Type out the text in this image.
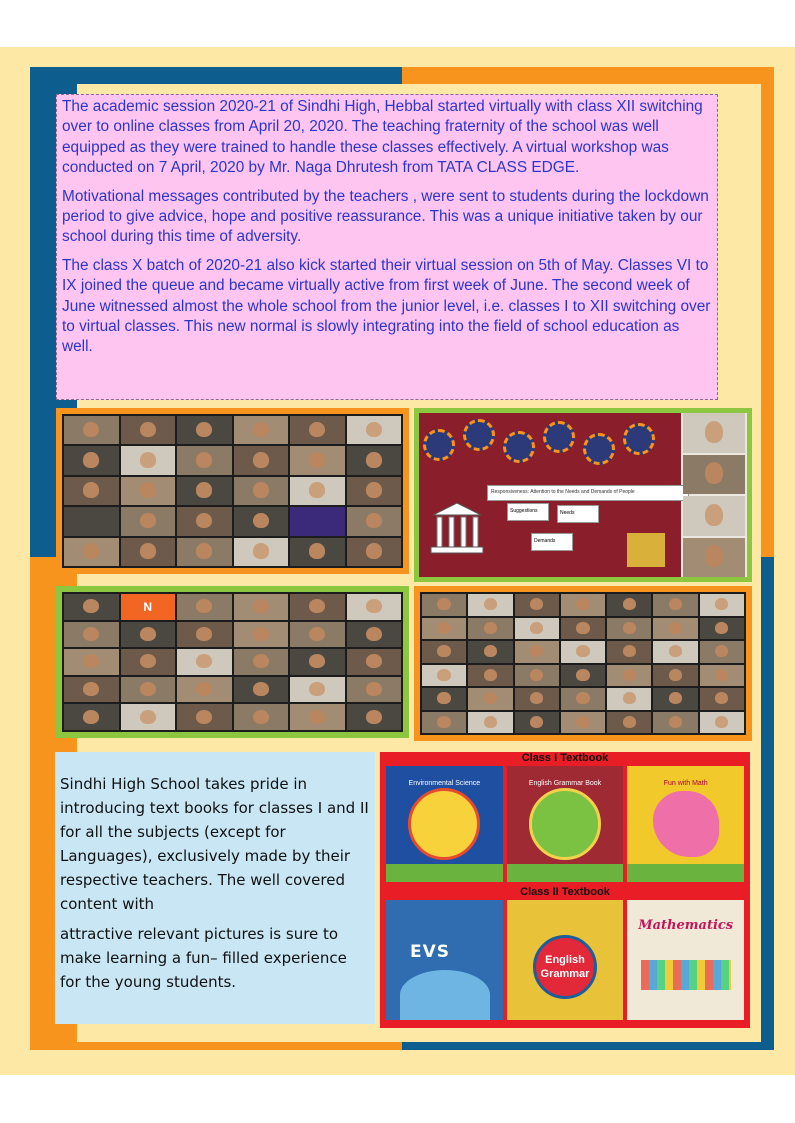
The academic session 2020-21 of Sindhi High, Hebbal started virtually with class XII switching over to online classes from April 20, 2020. The teaching fraternity of the school was well equipped as they were trained to handle these classes effectively. A virtual workshop was conducted on 7 April, 2020 by Mr. Naga Dhrutesh from TATA CLASS EDGE.

Motivational messages contributed by the teachers , were sent to students during the lockdown period to give advice, hope and positive reassurance. This was a unique initiative taken by our school during this time of adversity.

The class X batch of 2020-21 also kick started their virtual session on 5th of May. Classes VI to IX joined the queue and became virtually active from first week of June. The second week of June witnessed almost the whole school from the junior level, i.e. classes I to XII switching over to virtual classes. This new normal is slowly integrating into the field of school education as well.

Responsiveness: Attention to the Needs and Demands of People
Suggestions	Needs
Demands
N

Sindhi High School takes pride in introducing text books for classes I and II for all the subjects (except for Languages), exclusively made by their respective teachers. The well covered content with

attractive relevant pictures is sure to make learning a fun– filled experience for the young students.

Class I Textbook
Environmental Science	English Grammar Book	Fun with Math
Class II Textbook
EVS	English Grammar
Mathematics
